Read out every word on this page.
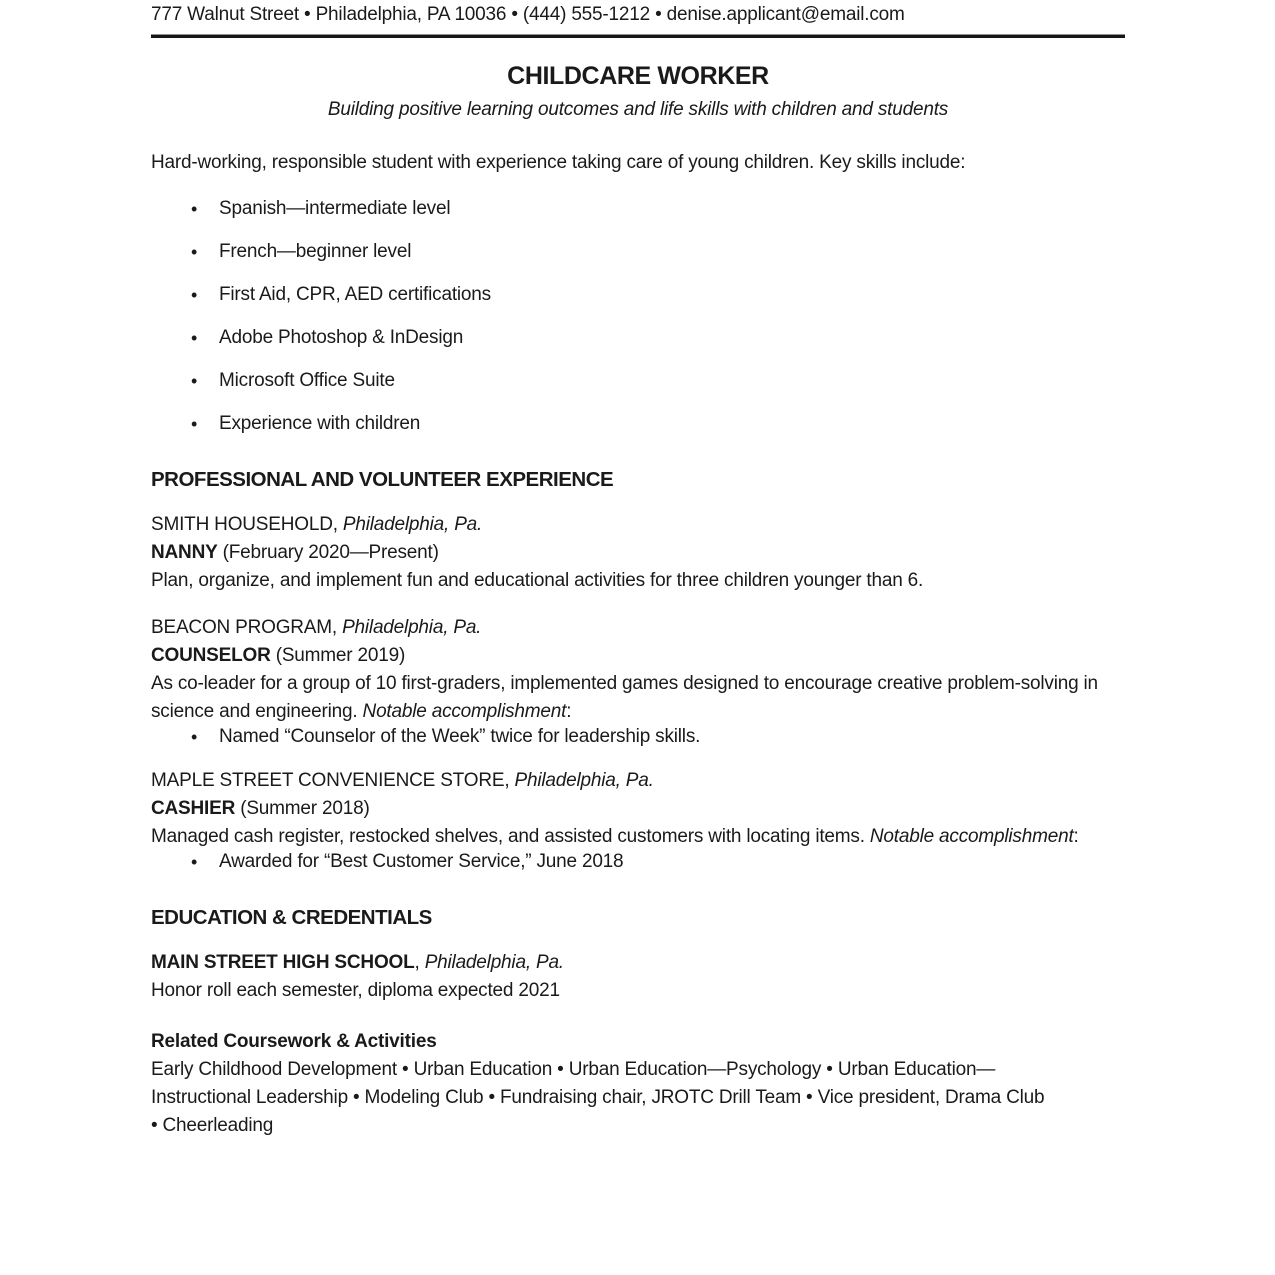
777 Walnut Street • Philadelphia, PA 10036 • (444) 555-1212 • denise.applicant@email.com

CHILDCARE WORKER

Building positive learning outcomes and life skills with children and students

Hard-working, responsible student with experience taking care of young children. Key skills include:

• Spanish—intermediate level
• French—beginner level
• First Aid, CPR, AED certifications
• Adobe Photoshop & InDesign
• Microsoft Office Suite
• Experience with children

PROFESSIONAL AND VOLUNTEER EXPERIENCE

SMITH HOUSEHOLD, Philadelphia, Pa.

NANNY (February 2020—Present)

Plan, organize, and implement fun and educational activities for three children younger than 6.

BEACON PROGRAM, Philadelphia, Pa.

COUNSELOR (Summer 2019)

As co-leader for a group of 10 first-graders, implemented games designed to encourage creative problem-solving in science and engineering. Notable accomplishment:

• Named “Counselor of the Week” twice for leadership skills.

MAPLE STREET CONVENIENCE STORE, Philadelphia, Pa.

CASHIER (Summer 2018)

Managed cash register, restocked shelves, and assisted customers with locating items. Notable accomplishment:

• Awarded for “Best Customer Service,” June 2018

EDUCATION & CREDENTIALS

MAIN STREET HIGH SCHOOL, Philadelphia, Pa.

Honor roll each semester, diploma expected 2021

Related Coursework & Activities

Early Childhood Development • Urban Education • Urban Education—Psychology • Urban Education—Instructional Leadership • Modeling Club • Fundraising chair, JROTC Drill Team • Vice president, Drama Club • Cheerleading
